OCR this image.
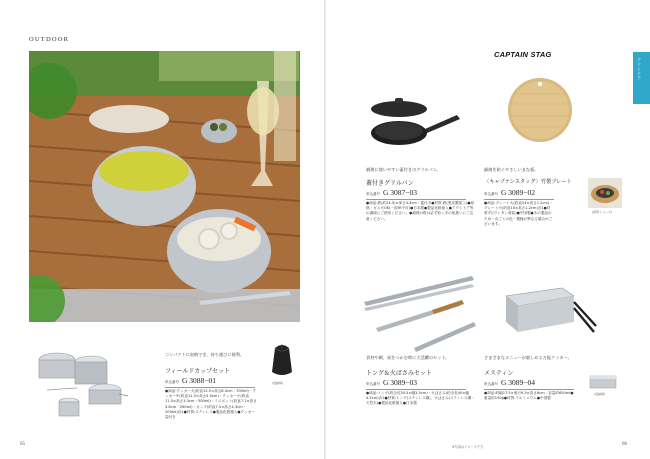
OUTDOOR
コンパクトに収納でき、持ち運びに便利。
フィールドカップセット
申込番号 G 3088−01
●商品:クッカー大(約直12.5×高さ8.3cm・700ml)・クッカー中(約直11.5×高さ5.5cm)・クッカー小(約直11.5×高さ3.3cm・500ml)・ミニポット(約直7.2×高さ5.8cm・260ml)・カップ(約直7.5×高さ4.3cm・200ml)各1●材質:ステンレス●製品化粧箱入●クッカー袋付き
(収納時)
65
CAPTAIN STAG
アウトドア
調理に使いやすい蓋付きのグリルパン。
蓋付きグリルパン
申込番号 G 3087−03
●商品:鉄(約24.5)×深さ4.4cm・蓋付き●材質:鉄(黒皮膜加工)●耐熱・ガス火OK(一部IH不可)●日本製●製品化粧箱入●アウトドア等の調理にご使用ください。●調理の際は必ず取っ手の取扱いにご注意ください。
細菌を防ぐやさしいまな板。
〈キャプテンスタッグ〉竹製プレート
申込番号 G 3089−02
●商品:プレート大(約直24×高さ1.2cm)・プレート小(約直10×高さ1.2cm)各1●材質:竹(ウレタン塗装)●中国製●木の製品のため一点ごとの色・模様が異なる場合がございます。
(使用イメージ)
食材や網、炭をつかむ時に大活躍のセット。
トング＆火ばさみセット
申込番号 G 3089−03
●商品:トング(約全長30.5×幅3.5cm)・火ばさみ(約全長40×幅4.5cm)各1●材質:トング(ステンレス鋼)、火ばさみ(ステンレス鋼・天然木)●製品化粧箱入●日本製
さまざまなメニューが楽しめる万能クッカー。
メスティン
申込番号 G 3089−04
●商品:約幅17.5×奥行9.5×高さ6cm・容量約650ml●重量約150g●材質:アルミニウム●中国製
(収納時)
※写真はイメージです。	66
